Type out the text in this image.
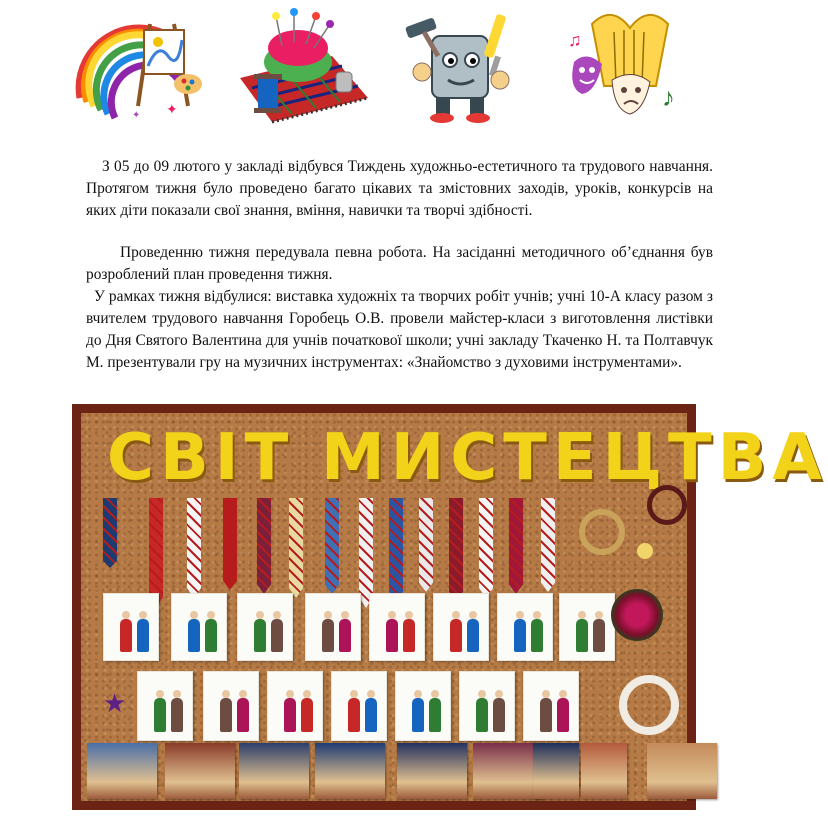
✦
✦
♪
♫

З 05 до 09 лютого у закладі відбувся Тиждень художньо-естетичного та трудового навчання. Протягом тижня було проведено багато цікавих та змістовних заходів, уроків, конкурсів на яких діти показали свої знання, вміння, навички та творчі здібності.

Проведенню тижня передувала певна робота. На засіданні методичного об’єднання був розроблений план проведення тижня.

У рамках тижня відбулися: виставка художніх та творчих робіт учнів; учні 10-А класу разом з вчителем трудового навчання Горобець О.В. провели майстер-класи з виготовлення листівки до Дня Святого Валентина для учнів початкової школи; учні закладу Ткаченко Н. та Полтавчук М. презентували гру на музичних інструментах: «Знайомство з духовими інструментами».

СВІТ МИСТЕЦТВА
★
